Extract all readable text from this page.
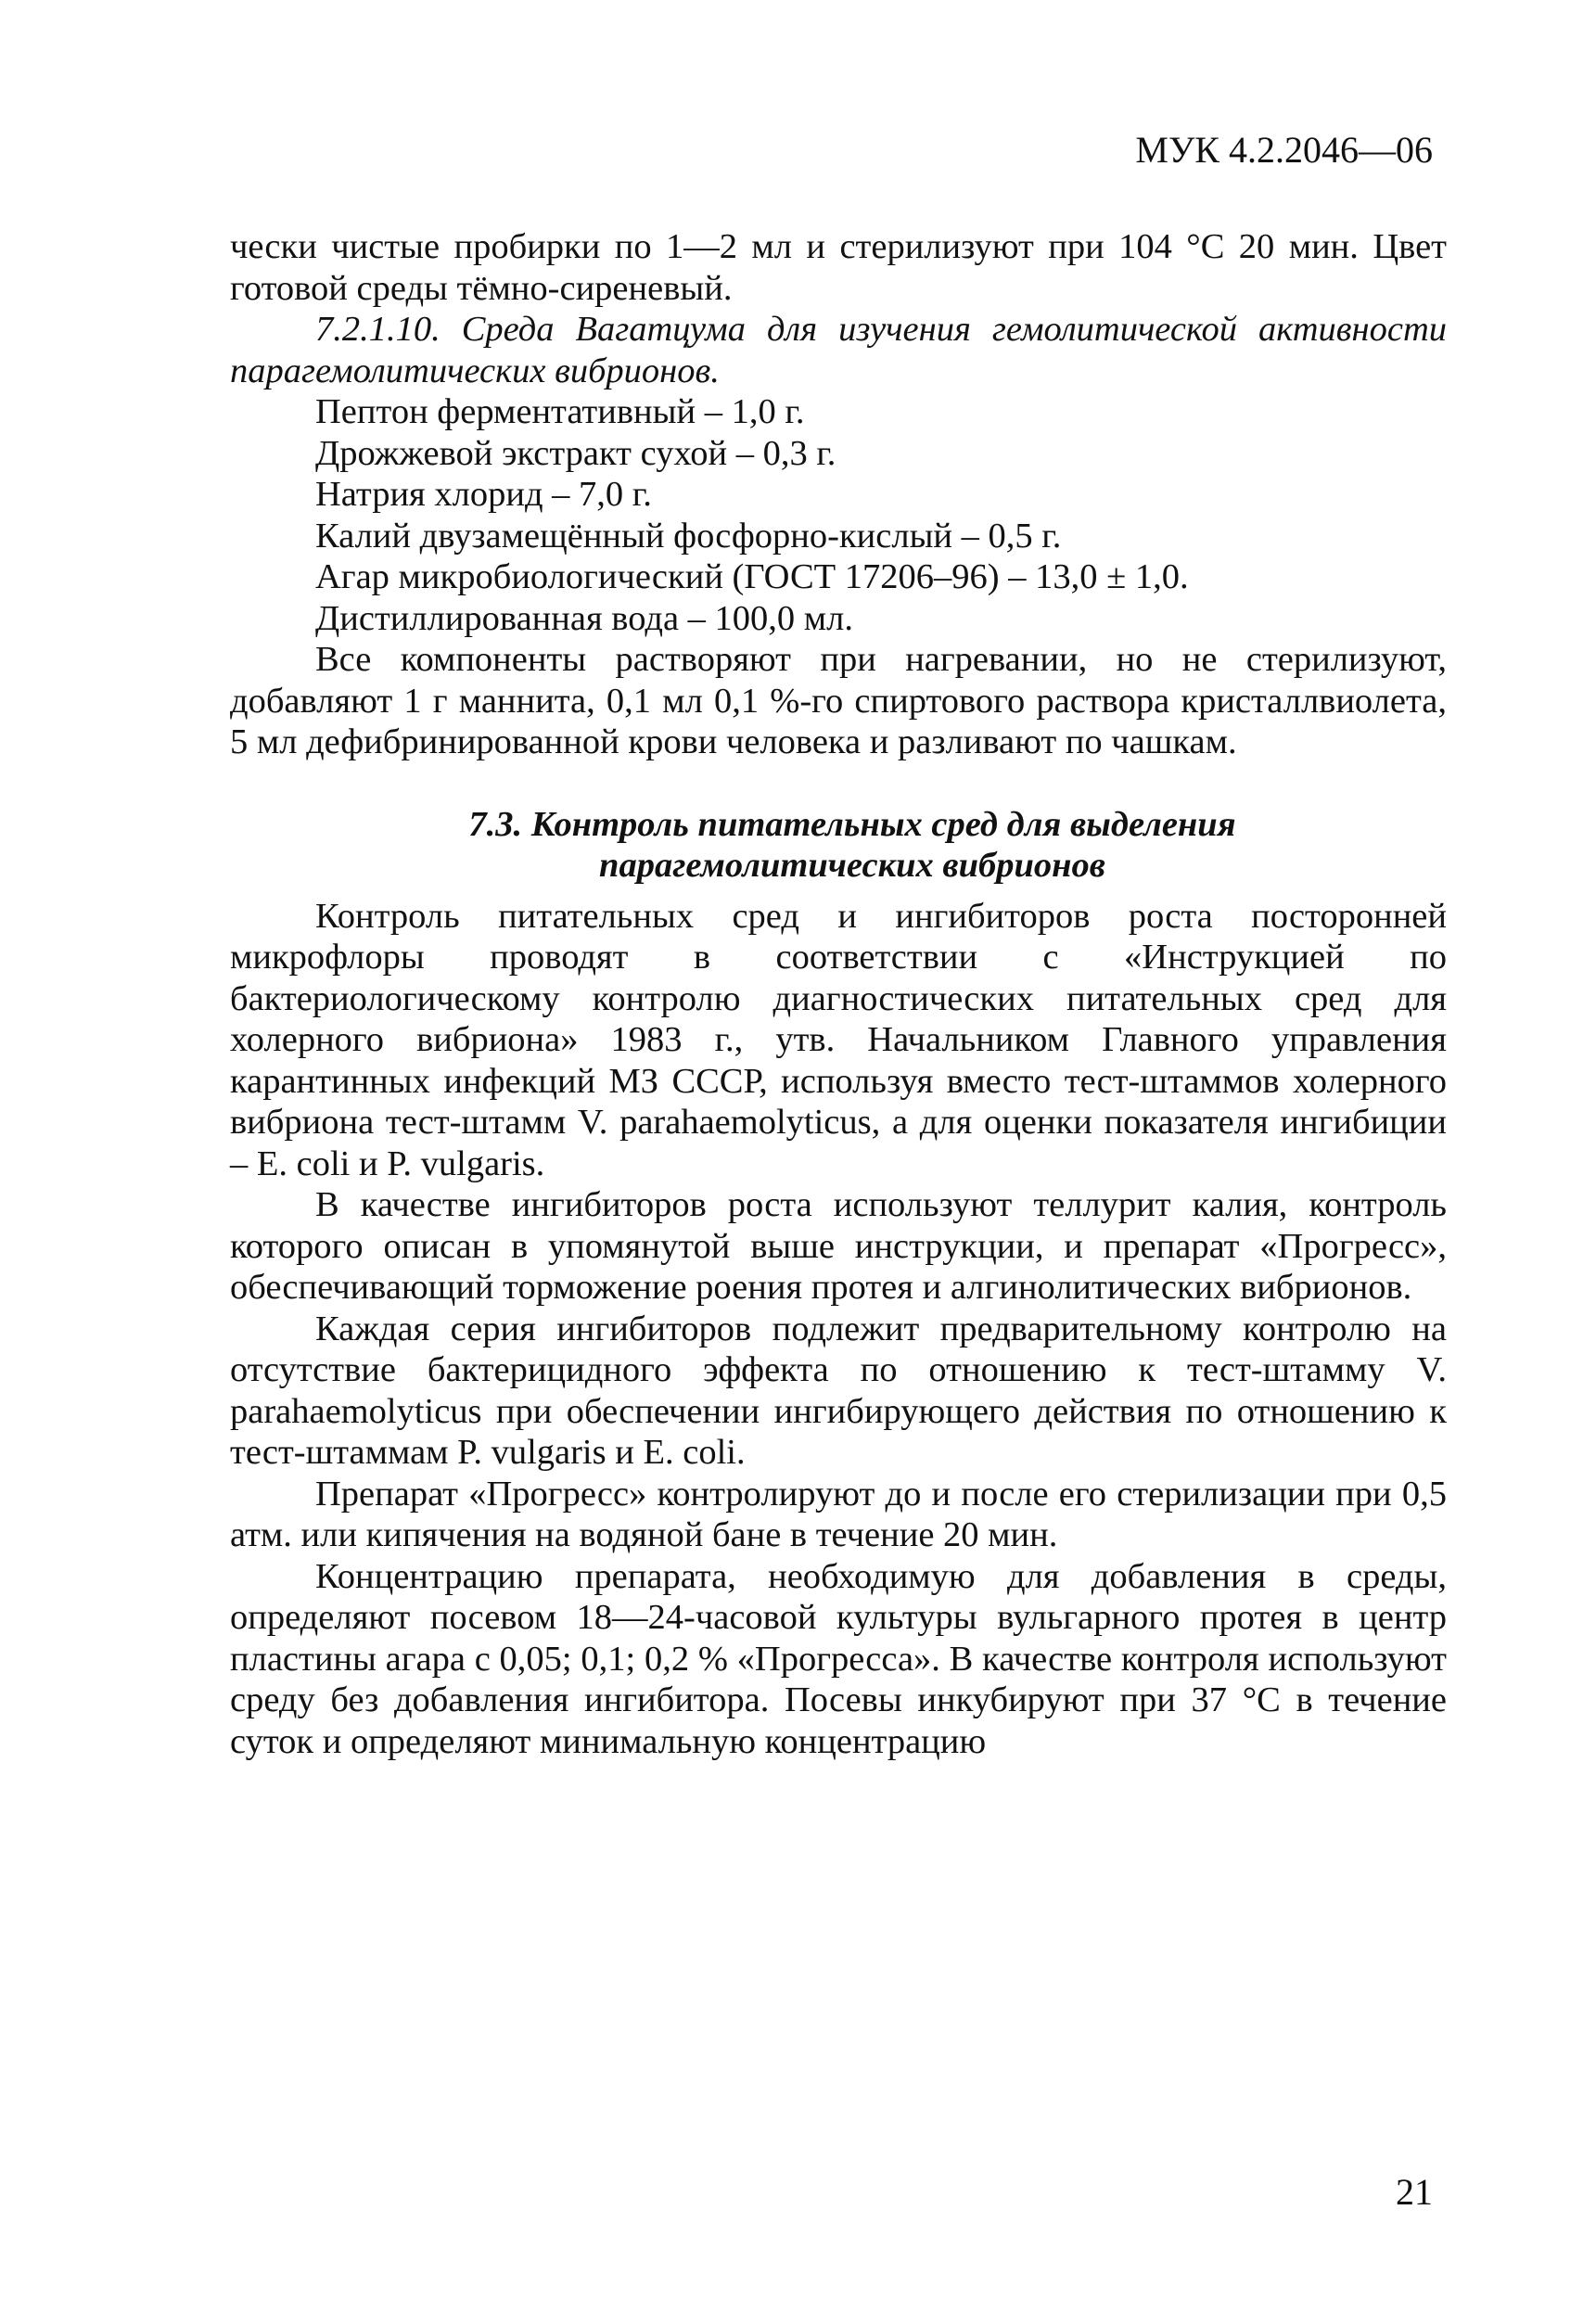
МУК 4.2.2046—06

чески чистые пробирки по 1—2 мл и стерилизуют при 104 °С 20 мин. Цвет готовой среды тёмно-сиреневый.

7.2.1.10. Среда Вагатцума для изучения гемолитической активности парагемолитических вибрионов.

Пептон ферментативный – 1,0 г.
Дрожжевой экстракт сухой – 0,3 г.
Натрия хлорид – 7,0 г.
Калий двузамещённый фосфорно-кислый – 0,5 г.
Агар микробиологический (ГОСТ 17206–96) – 13,0 ± 1,0.
Дистиллированная вода – 100,0 мл.

Все компоненты растворяют при нагревании, но не стерилизуют, добавляют 1 г маннита, 0,1 мл 0,1 %-го спиртового раствора кристаллвиолета, 5 мл дефибринированной крови человека и разливают по чашкам.

7.3. Контроль питательных сред для выделения
парагемолитических вибрионов

Контроль питательных сред и ингибиторов роста посторонней микрофлоры проводят в соответствии с «Инструкцией по бактериологическому контролю диагностических питательных сред для холерного вибриона» 1983 г., утв. Начальником Главного управления карантинных инфекций МЗ СССР, используя вместо тест-штаммов холерного вибриона тест-штамм V. parahaemolyticus, а для оценки показателя ингибиции – E. coli и P. vulgaris.

В качестве ингибиторов роста используют теллурит калия, контроль которого описан в упомянутой выше инструкции, и препарат «Прогресс», обеспечивающий торможение роения протея и алгинолитических вибрионов.

Каждая серия ингибиторов подлежит предварительному контролю на отсутствие бактерицидного эффекта по отношению к тест-штамму V. parahaemolyticus при обеспечении ингибирующего действия по отношению к тест-штаммам P. vulgaris и E. coli.

Препарат «Прогресс» контролируют до и после его стерилизации при 0,5 атм. или кипячения на водяной бане в течение 20 мин.

Концентрацию препарата, необходимую для добавления в среды, определяют посевом 18—24-часовой культуры вульгарного протея в центр пластины агара с 0,05; 0,1; 0,2 % «Прогресса». В качестве контроля используют среду без добавления ингибитора. Посевы инкубируют при 37 °С в течение суток и определяют минимальную концентрацию

21
